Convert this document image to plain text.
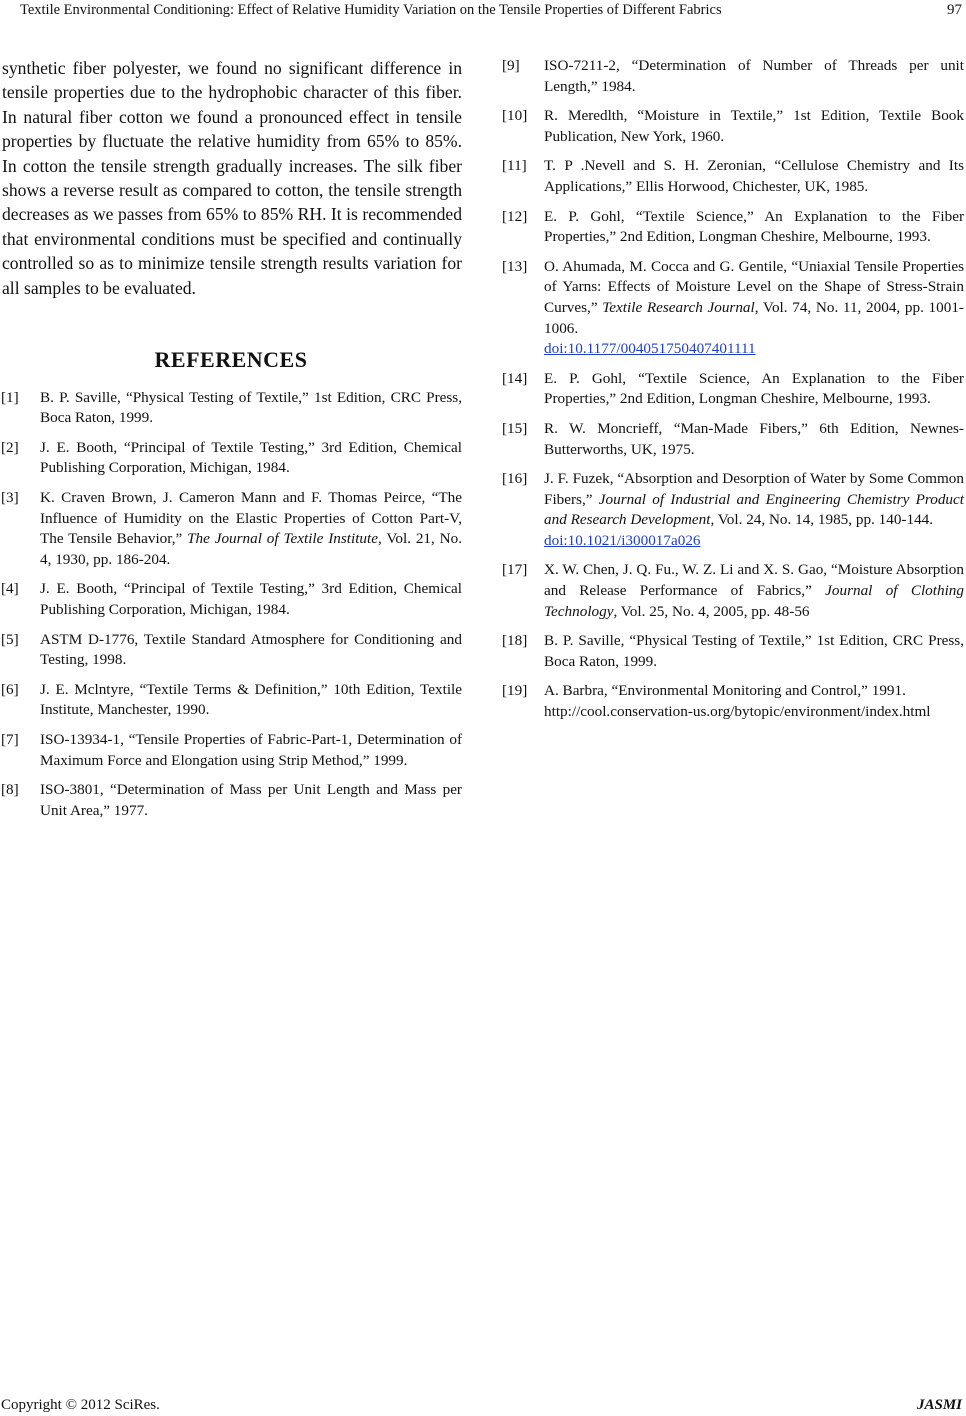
Textile Environmental Conditioning: Effect of Relative Humidity Variation on the Tensile Properties of Different Fabrics	97

synthetic fiber polyester, we found no significant difference in tensile properties due to the hydrophobic character of this fiber. In natural fiber cotton we found a pronounced effect in tensile properties by fluctuate the relative humidity from 65% to 85%. In cotton the tensile strength gradually increases. The silk fiber shows a reverse result as compared to cotton, the tensile strength decreases as we passes from 65% to 85% RH. It is recommended that environmental conditions must be specified and continually controlled so as to minimize tensile strength results variation for all samples to be evaluated.

REFERENCES
[1]	B. P. Saville, “Physical Testing of Textile,” 1st Edition, CRC Press, Boca Raton, 1999.
[2]	J. E. Booth, “Principal of Textile Testing,” 3rd Edition, Chemical Publishing Corporation, Michigan, 1984.
[3]	K. Craven Brown, J. Cameron Mann and F. Thomas Peirce, “The Influence of Humidity on the Elastic Properties of Cotton Part-V, The Tensile Behavior,” The Journal of Textile Institute, Vol. 21, No. 4, 1930, pp. 186-204.
[4]	J. E. Booth, “Principal of Textile Testing,” 3rd Edition, Chemical Publishing Corporation, Michigan, 1984.
[5]	ASTM D-1776, Textile Standard Atmosphere for Conditioning and Testing, 1998.
[6]	J. E. Mclntyre, “Textile Terms & Definition,” 10th Edition, Textile Institute, Manchester, 1990.
[7]	ISO-13934-1, “Tensile Properties of Fabric-Part-1, Determination of Maximum Force and Elongation using Strip Method,” 1999.
[8]	ISO-3801, “Determination of Mass per Unit Length and Mass per Unit Area,” 1977.
[9]	ISO-7211-2, “Determination of Number of Threads per unit Length,” 1984.
[10]	R. Meredlth, “Moisture in Textile,” 1st Edition, Textile Book Publication, New York, 1960.
[11]	T. P .Nevell and S. H. Zeronian, “Cellulose Chemistry and Its Applications,” Ellis Horwood, Chichester, UK, 1985.
[12]	E. P. Gohl, “Textile Science,” An Explanation to the Fiber Properties,” 2nd Edition, Longman Cheshire, Melbourne, 1993.
[13]	O. Ahumada, M. Cocca and G. Gentile, “Uniaxial Tensile Properties of Yarns: Effects of Moisture Level on the Shape of Stress-Strain Curves,” Textile Research Journal, Vol. 74, No. 11, 2004, pp. 1001-1006.
doi:10.1177/004051750407401111
[14]	E. P. Gohl, “Textile Science, An Explanation to the Fiber Properties,” 2nd Edition, Longman Cheshire, Melbourne, 1993.
[15]	R. W. Moncrieff, “Man-Made Fibers,” 6th Edition, Newnes-Butterworths, UK, 1975.
[16]	J. F. Fuzek, “Absorption and Desorption of Water by Some Common Fibers,” Journal of Industrial and Engineering Chemistry Product and Research Development, Vol. 24, No. 14, 1985, pp. 140-144.
doi:10.1021/i300017a026
[17]	X. W. Chen, J. Q. Fu., W. Z. Li and X. S. Gao, “Moisture Absorption and Release Performance of Fabrics,” Journal of Clothing Technology, Vol. 25, No. 4, 2005, pp. 48-56
[18]	B. P. Saville, “Physical Testing of Textile,” 1st Edition, CRC Press, Boca Raton, 1999.
[19]	A. Barbra, “Environmental Monitoring and Control,” 1991.
http://cool.conservation-us.org/bytopic/environment/index.html
Copyright © 2012 SciRes.	JASMI
